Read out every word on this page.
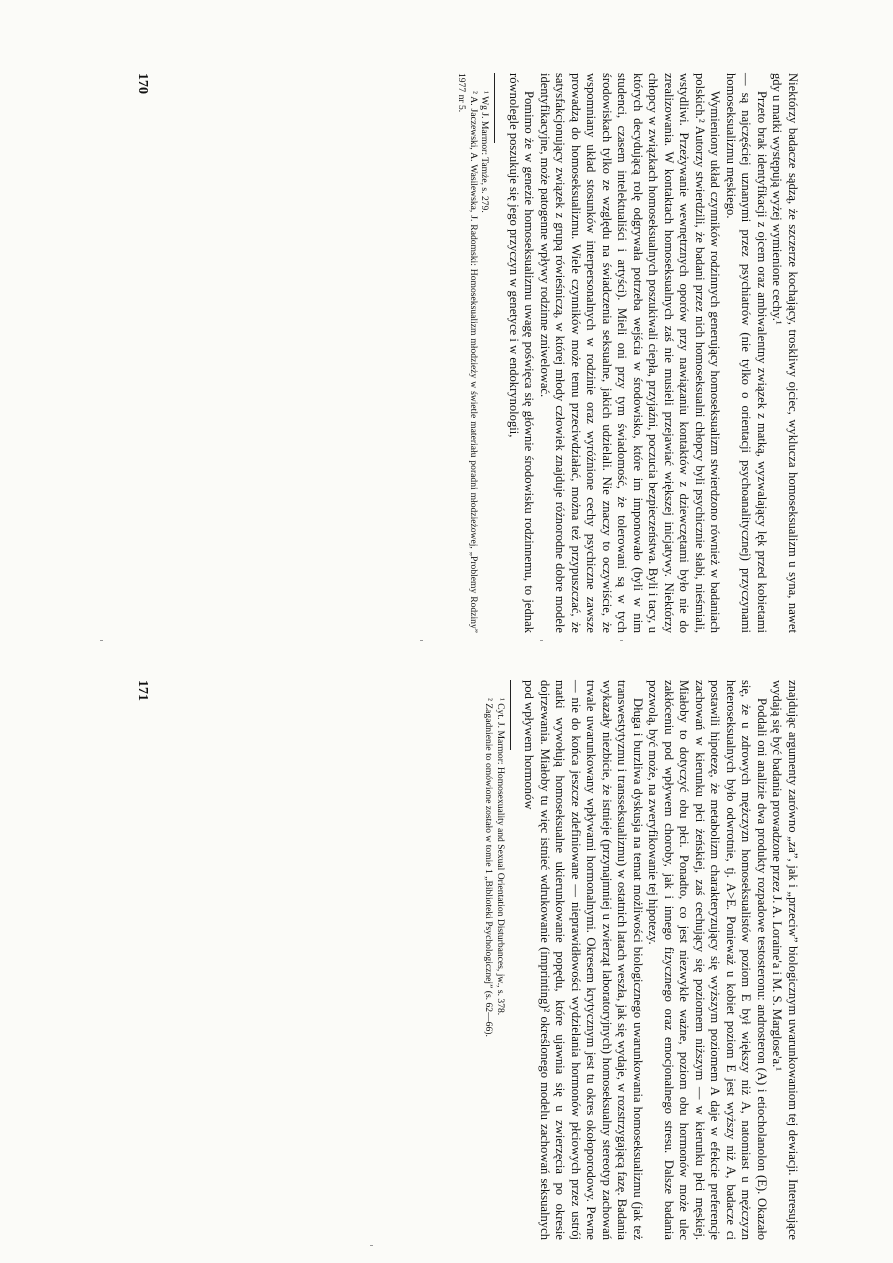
Niektórzy badacze sądzą, że szczerze kochający, troskliwy ojciec, wyklucza homoseksualizm u syna, nawet gdy u matki występują wyżej wymienione cechy.¹

Przeto brak identyfikacji z ojcem oraz ambiwalentny związek z matką, wyzwalający lęk przed kobietami — są najczęściej uznanymi przez psychiatrów (nie tylko o orientacji psychoanalitycznej) przyczynami homoseksualizmu męskiego.

Wymieniony układ czynników rodzinnych generujący homoseksualizm stwierdzono również w badaniach polskich.² Autorzy stwierdzili, że badani przez nich homoseksualni chłopcy byli psychicznie słabi, nieśmiali, wstydliwi. Przeżywanie wewnętrznych oporów przy nawiązaniu kontaktów z dziewczętami było nie do zrealizowania. W kontaktach homoseksualnych zaś nie musieli przejawiać większej inicjatywy. Niektórzy chłopcy w związkach homoseksualnych poszukiwali ciepła, przyjaźni, poczucia bezpieczeństwa. Byli i tacy, u których decydującą rolę odgrywała potrzeba wejścia w środowisko, które im imponowało (byli w nim studenci, czasem intelektualiści i artyści). Mieli oni przy tym świadomość, że tolerowani są w tych środowiskach tylko ze względu na świadczenia seksualne, jakich udzielali. Nie znaczy to oczywiście, że wspomniany układ stosunków interpersonalnych w rodzinie oraz wyróżnione cechy psychiczne zawsze prowadzą do homoseksualizmu. Wiele czynników może temu przeciwdziałać, można też przypuszczać, że satysfakcjonujący związek z grupą rówieśniczą, w której młody człowiek znajduje różnorodne dobre modele identyfikacyjne, może patogenne wpływy rodzinne zniwelować.

Pomimo że w genezie homoseksualizmu uwagę poświęca się głównie środowisku rodzinnemu, to jednak równolegle poszukuje się jego przyczyn w genetyce i w endokrynologii,

¹ Wg J. Marmor: Tamże, s. 279.

² A. Jaczewski, A. Wasilewska, J. Radomski: Homoseksualizm młodzieży w świetle materiału poradni młodzieżowej, „Problemy Rodziny” 1977 nr 5.

170

znajdując argumenty zarówno „za”, jak i „przeciw” biologicznym uwarunkowaniom tej dewiacji. Interesujące wydają się być badania prowadzone przez J. A. Loraine'a i M. S. Marglose'a.¹

Poddali oni analizie dwa produkty rozpadowe testosteronu: androsteron (A) i etiocholanolon (E). Okazało się, że u zdrowych mężczyzn homoseksualistów poziom E był większy niż A, natomiast u mężczyzn heteroseksualnych było odwrotnie, tj. A>E. Ponieważ u kobiet poziom E jest wyższy niż A, badacze ci postawili hipotezę, że metabolizm charakteryzujący się wyższym poziomem A daje w efekcie preferencje zachowań w kierunku płci żeńskiej, zaś cechujący się poziomem niższym — w kierunku płci męskiej. Miałoby to dotyczyć obu płci. Ponadto, co jest niezwykle ważne, poziom obu hormonów może ulec zakłóceniu pod wpływem choroby, jak i innego fizycznego oraz emocjonalnego stresu. Dalsze badania pozwolą, być może, na zweryfikowanie tej hipotezy.

Długa i burzliwa dyskusja na temat możliwości biologicznego uwarunkowania homoseksualizmu (jak też transwestytyzmu i transseksualizmu) w ostatnich latach weszła, jak się wydaje, w rozstrzygającą fazę. Badania wykazały niezbicie, że istnieje (przynajmniej u zwierząt laboratoryjnych) homoseksualny stereotyp zachowań trwale uwarunkowany wpływami hormonalnymi. Okresem krytycznym jest tu okres okołoporodowy. Pewne — nie do końca jeszcze zdefiniowane — nieprawidłowości wydzielania hormonów płciowych przez ustrój matki wywołują homoseksualne ukierunkowanie popędu, które ujawnia się u zwierzęcia po okresie dojrzewania. Miałoby tu więc istnieć wdrukowanie (imprinting)² określonego modelu zachowań seksualnych pod wpływem hormonów

¹ Cyt. J. Marmor: Homosexuality and Sexual Orientation Disturbances, jw., s. 378.

² Zagadnienie to omówione zostało w tomie 1 „Biblioteki Psychologicznej” (s. 62—66).

171
